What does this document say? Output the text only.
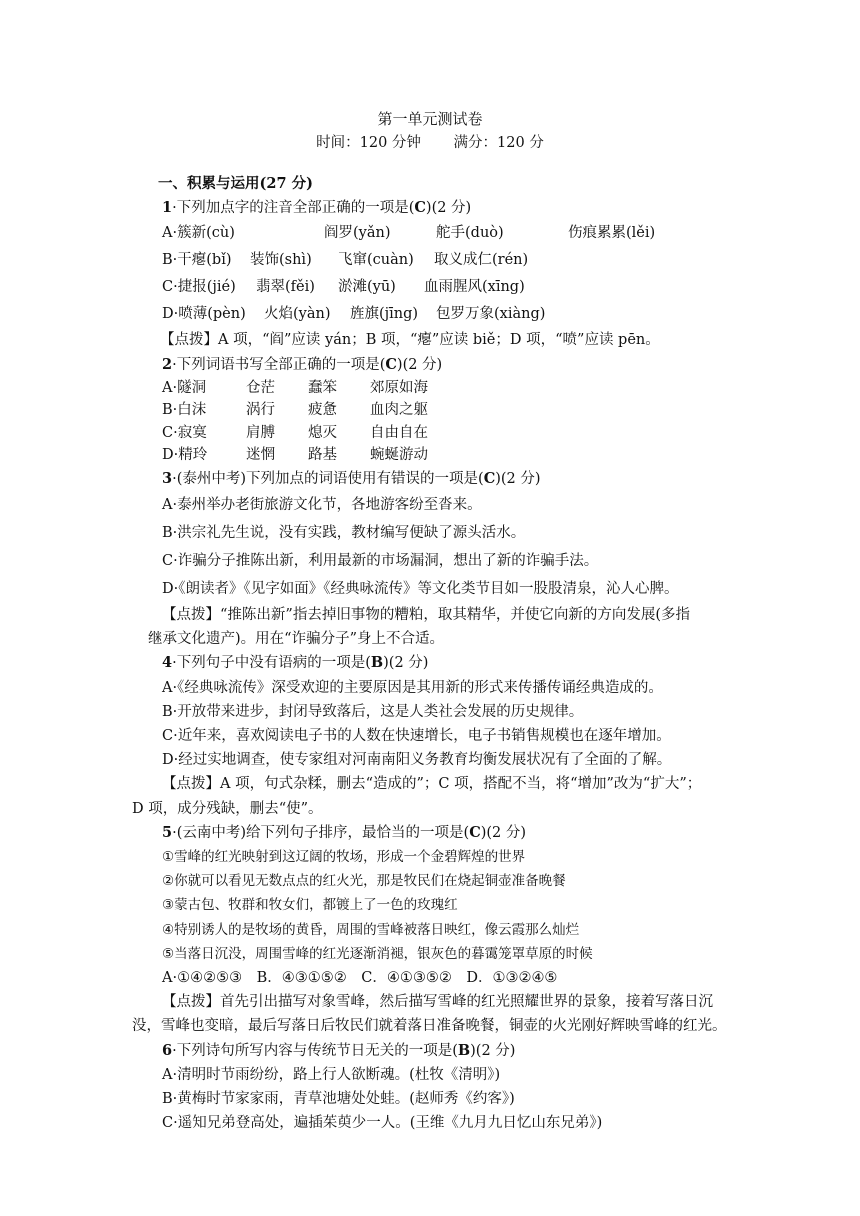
第一单元测试卷
时间：120 分钟 满分：120 分
一、积累与运用(27 分)
1·下列加点字的注音全部正确的一项是(C)(2 分)
A·簇新(cù)	阎罗(yǎn)	舵手(duò)	伤痕累累(lěi)
B·干瘪(bǐ)	装饰(shì)	飞窜(cuàn)	取义成仁(rén)
C·捷报(jié)	翡翠(fěi)	淤滩(yū)	血雨腥风(xīng)
D·喷薄(pèn)	火焰(yàn)	旌旗(jīng)	包罗万象(xiàng)
【点拨】A 项，“阎”应读 yán；B 项，“瘪”应读 biě；D 项，“喷”应读 pēn。
2·下列词语书写全部正确的一项是(C)(2 分)
A·隧洞	仓茫	蠢笨	郊原如海
B·白沫	涡行	疲惫	血肉之躯
C·寂寞	肩膊	熄灭	自由自在
D·精玲	迷惘	路基	蜿蜒游动
3·(泰州中考)下列加点的词语使用有错误的一项是(C)(2 分)
A·泰州举办老街旅游文化节，各地游客纷至沓来。
B·洪宗礼先生说，没有实践，教材编写便缺了源头活水。
C·诈骗分子推陈出新，利用最新的市场漏洞，想出了新的诈骗手法。
D·《朗读者》《见字如面》《经典咏流传》等文化类节目如一股股清泉，沁人心脾。
【点拨】“推陈出新”指去掉旧事物的糟粕，取其精华，并使它向新的方向发展(多指
继承文化遗产)。用在“诈骗分子”身上不合适。
4·下列句子中没有语病的一项是(B)(2 分)
A·《经典咏流传》深受欢迎的主要原因是其用新的形式来传播传诵经典造成的。
B·开放带来进步，封闭导致落后，这是人类社会发展的历史规律。
C·近年来，喜欢阅读电子书的人数在快速增长，电子书销售规模也在逐年增加。
D·经过实地调查，使专家组对河南南阳义务教育均衡发展状况有了全面的了解。
【点拨】A 项，句式杂糅，删去“造成的”；C 项，搭配不当，将“增加”改为“扩大”；
D 项，成分残缺，删去“使”。
5·(云南中考)给下列句子排序，最恰当的一项是(C)(2 分)
①雪峰的红光映射到这辽阔的牧场，形成一个金碧辉煌的世界
②你就可以看见无数点点的红火光，那是牧民们在烧起铜壶准备晚餐
③蒙古包、牧群和牧女们，都镀上了一色的玫瑰红
④特别诱人的是牧场的黄昏，周围的雪峰被落日映红，像云霞那么灿烂
⑤当落日沉没，周围雪峰的红光逐渐消褪，银灰色的暮霭笼罩草原的时候
A·①④②⑤③　B．④③①⑤②　C．④①③⑤②　D．①③②④⑤
【点拨】首先引出描写对象雪峰，然后描写雪峰的红光照耀世界的景象，接着写落日沉
没，雪峰也变暗，最后写落日后牧民们就着落日准备晚餐，铜壶的火光刚好辉映雪峰的红光。
6·下列诗句所写内容与传统节日无关的一项是(B)(2 分)
A·清明时节雨纷纷，路上行人欲断魂。(杜牧《清明》)
B·黄梅时节家家雨，青草池塘处处蛙。(赵师秀《约客》)
C·遥知兄弟登高处，遍插茱萸少一人。(王维《九月九日忆山东兄弟》)
